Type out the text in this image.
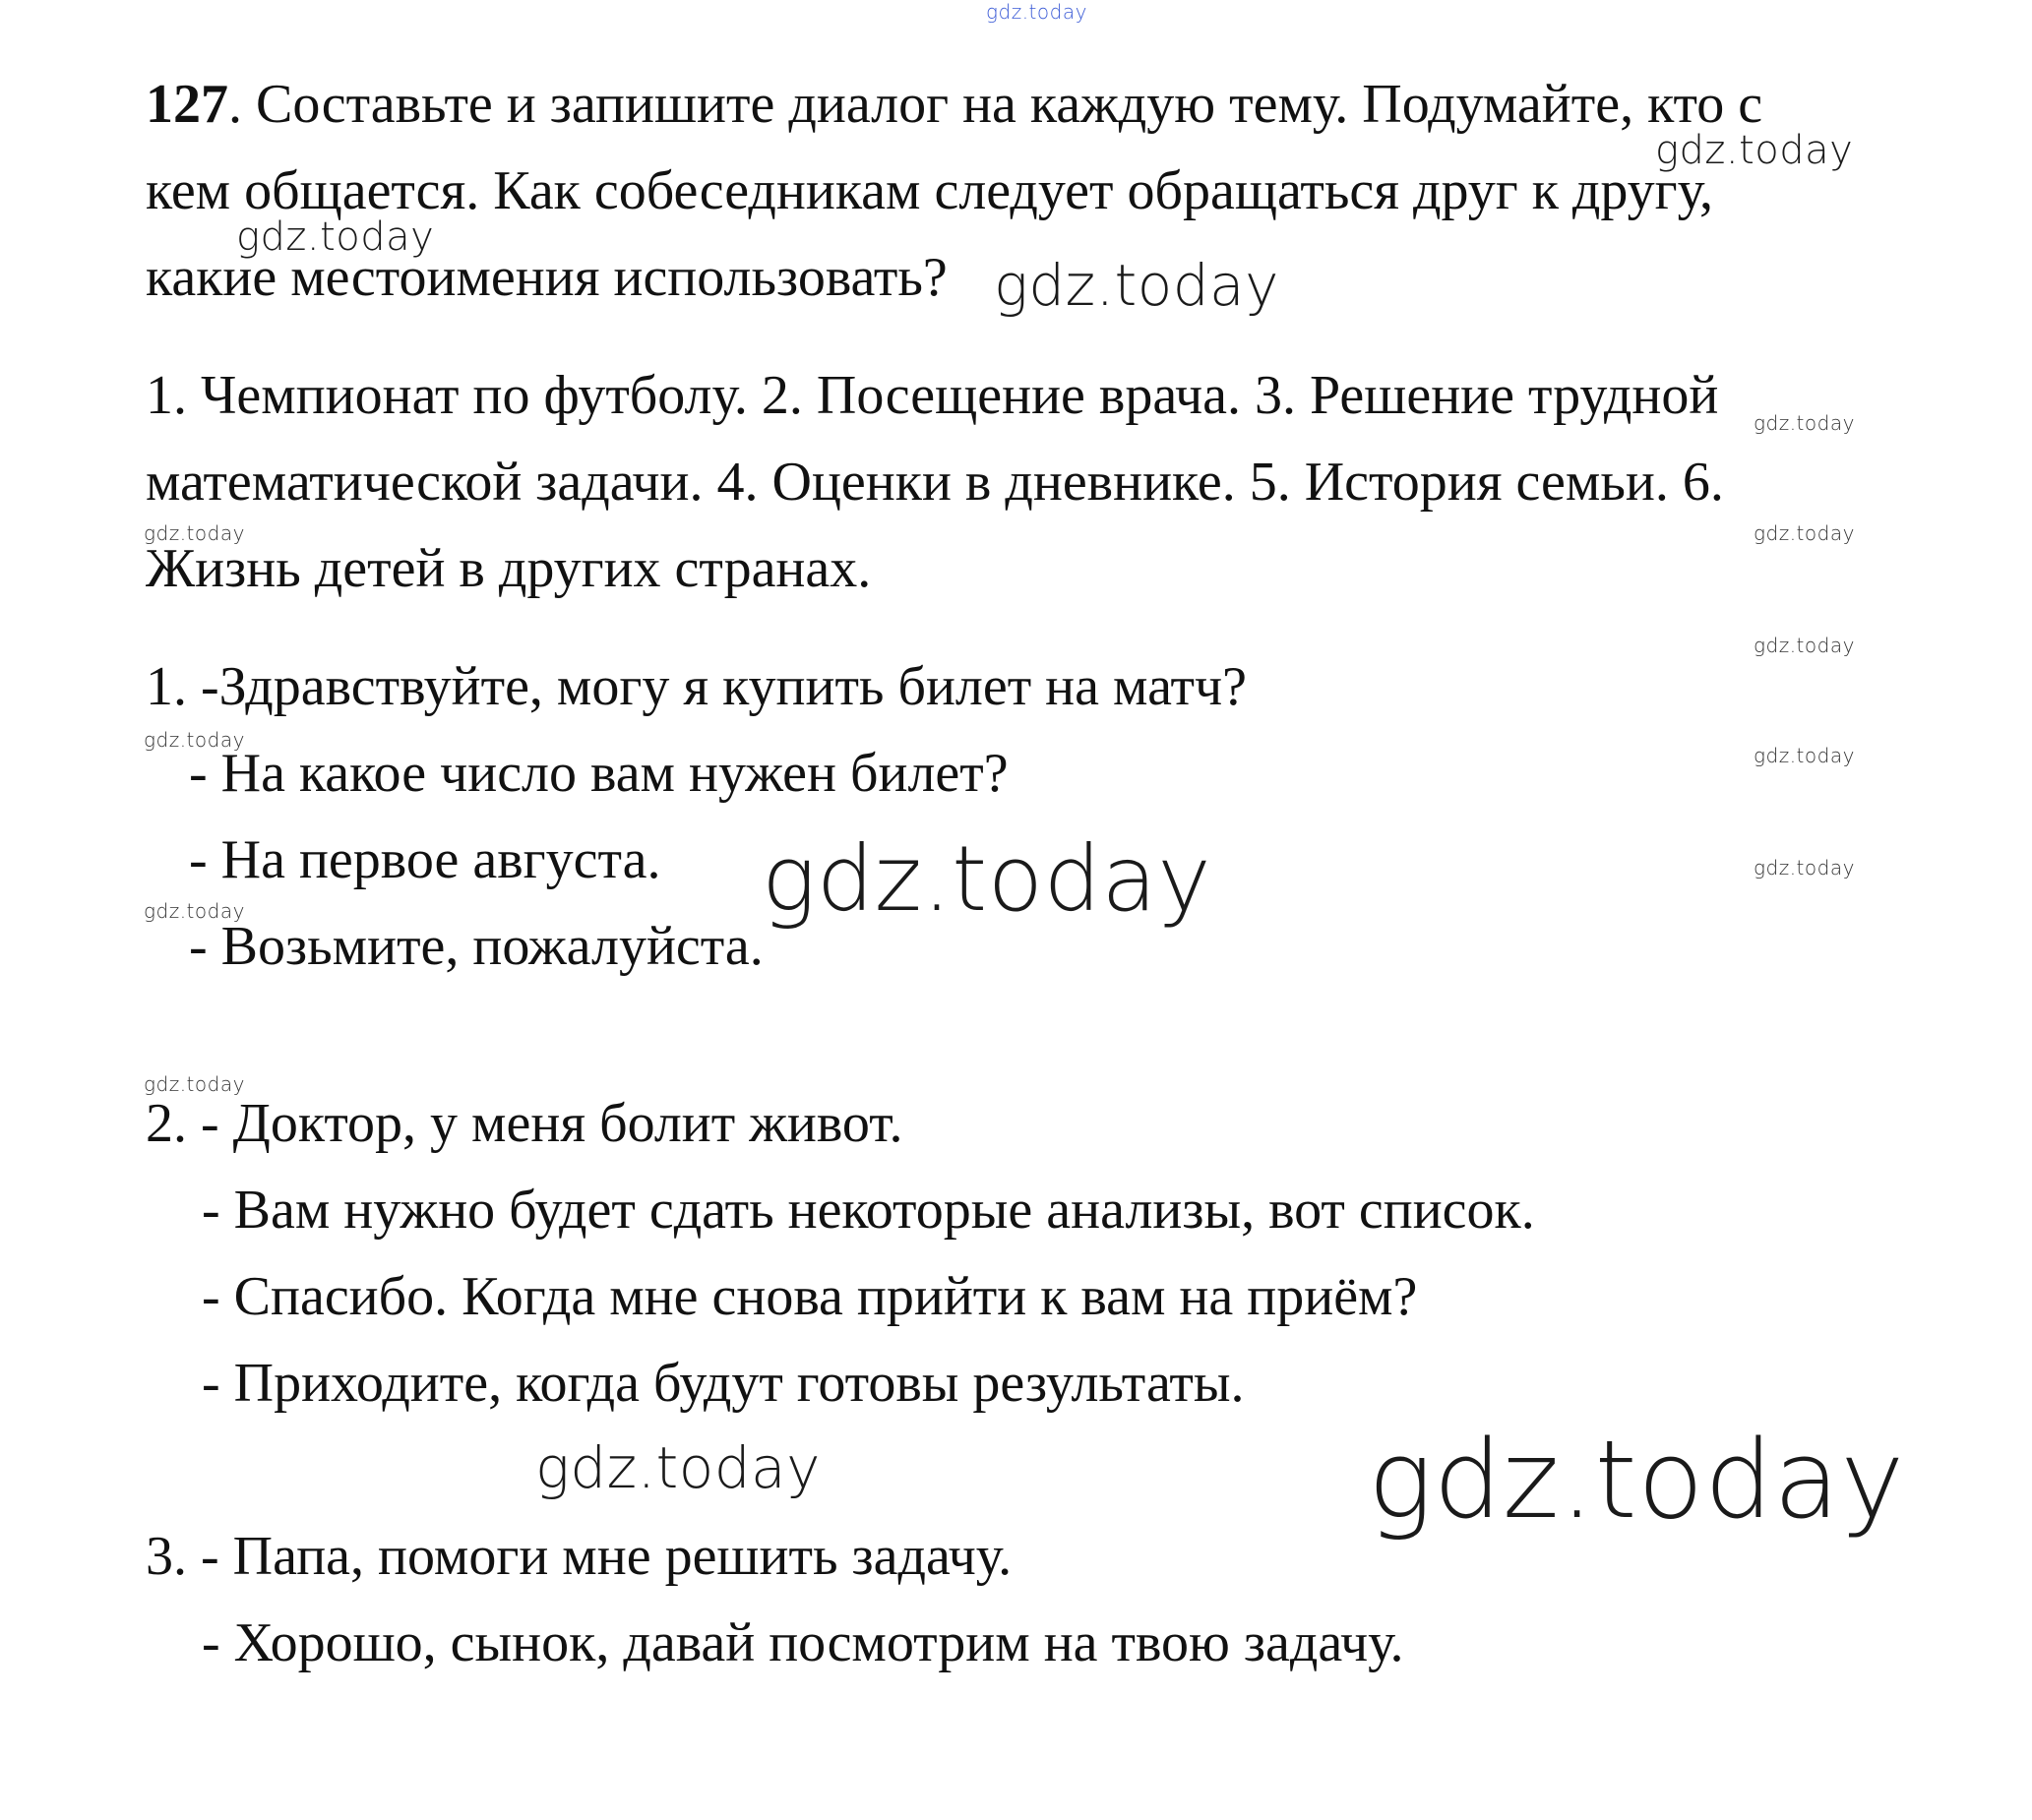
gdz.today

127. Составьте и запишите диалог на каждую тему. Подумайте, кто с

кем общается. Как собеседникам следует обращаться друг к другу,

какие местоимения использовать?

1. Чемпионат по футболу. 2. Посещение врача. 3. Решение трудной

математической задачи. 4. Оценки в дневнике. 5. История семьи. 6.

Жизнь детей в других странах.

1. -Здравствуйте, могу я купить билет на матч?

- На какое число вам нужен билет?

- На первое августа.

- Возьмите, пожалуйста.

2. - Доктор, у меня болит живот.

- Вам нужно будет сдать некоторые анализы, вот список.

- Спасибо. Когда мне снова прийти к вам на приём?

- Приходите, когда будут готовы результаты.

3. - Папа, помоги мне решить задачу.

- Хорошо, сынок, давай посмотрим на твою задачу.

gdz.today
gdz.today
gdz.today
gdz.today
gdz.today	gdz.today
gdz.today
gdz.today
gdz.today
gdz.today
gdz.today
gdz.today
gdz.today
gdz.today	gdz.today
